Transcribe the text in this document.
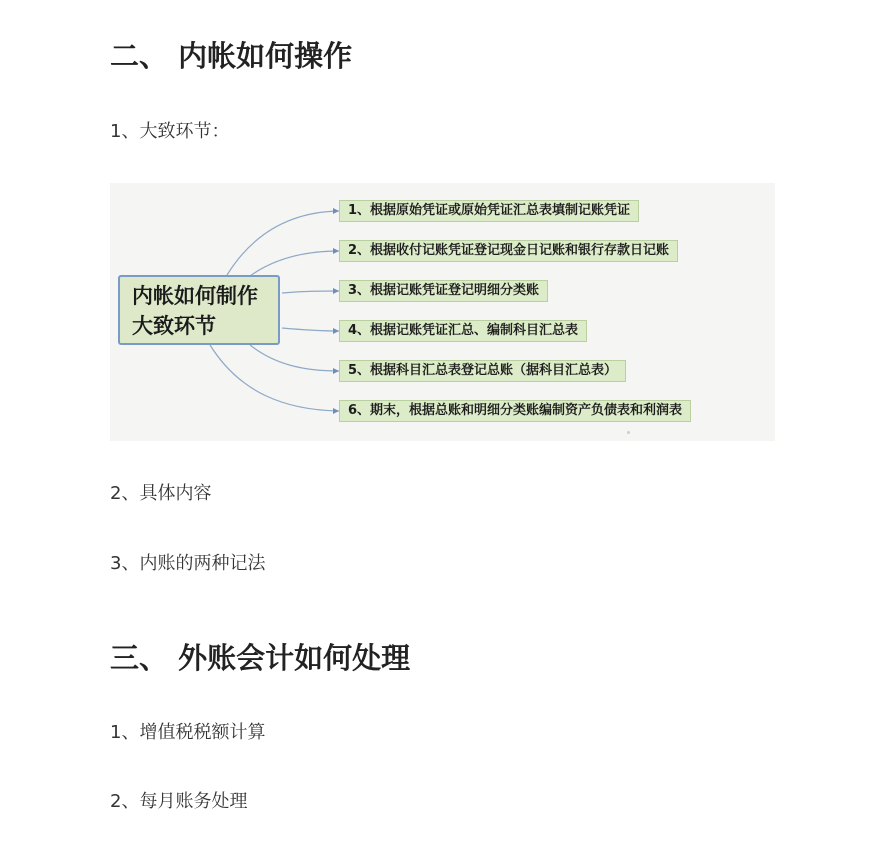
二、 内帐如何操作

1、大致环节：

内帐如何制作
大致环节
1、根据原始凭证或原始凭证汇总表填制记账凭证
2、根据收付记账凭证登记现金日记账和银行存款日记账
3、根据记账凭证登记明细分类账
4、根据记账凭证汇总、编制科目汇总表
5、根据科目汇总表登记总账（据科目汇总表）
6、期末，根据总账和明细分类账编制资产负债表和利润表

2、具体内容

3、内账的两种记法

三、 外账会计如何处理

1、增值税税额计算

2、每月账务处理
